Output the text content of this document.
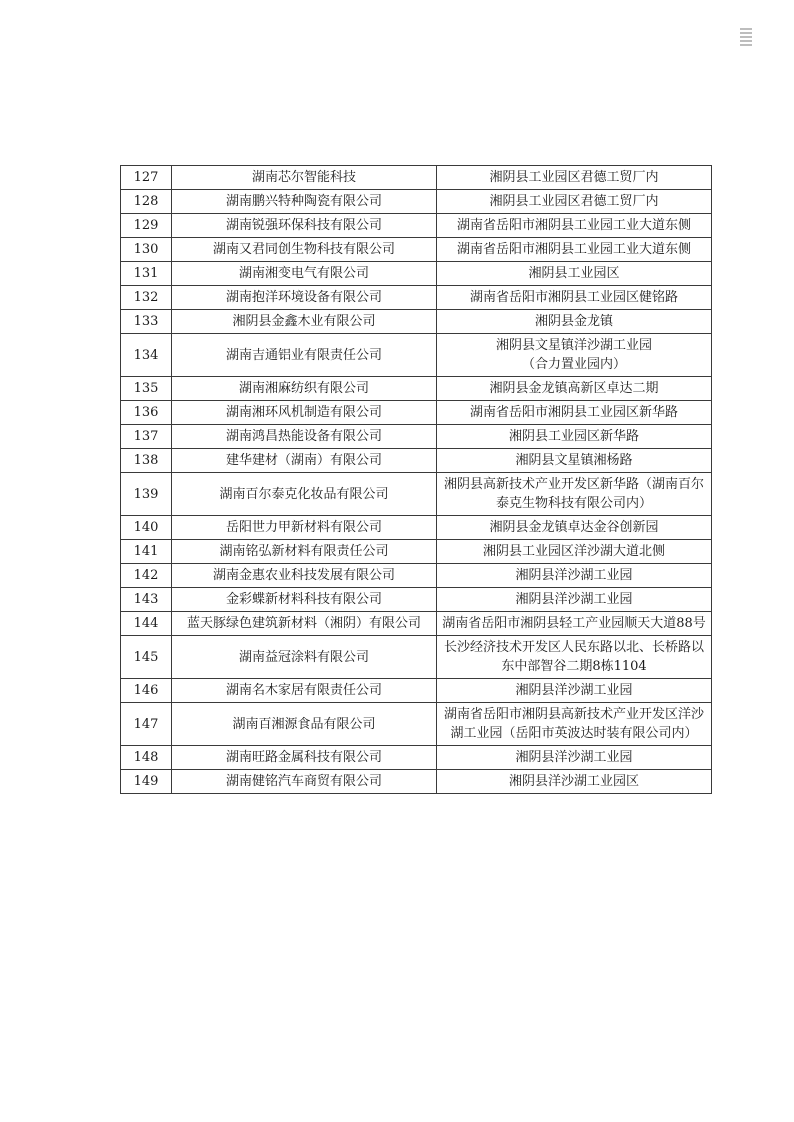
127	湖南芯尔智能科技	湘阴县工业园区君德工贸厂内
128	湖南鹏兴特种陶瓷有限公司	湘阴县工业园区君德工贸厂内
129	湖南锐强环保科技有限公司	湖南省岳阳市湘阴县工业园工业大道东侧
130	湖南又君同创生物科技有限公司	湖南省岳阳市湘阴县工业园工业大道东侧
131	湖南湘变电气有限公司	湘阴县工业园区
132	湖南抱洋环境设备有限公司	湖南省岳阳市湘阴县工业园区健铭路
133	湘阴县金鑫木业有限公司	湘阴县金龙镇
134	湖南吉通铝业有限责任公司	湘阴县文星镇洋沙湖工业园
（合力置业园内）
135	湖南湘麻纺织有限公司	湘阴县金龙镇高新区卓达二期
136	湖南湘环风机制造有限公司	湖南省岳阳市湘阴县工业园区新华路
137	湖南鸿昌热能设备有限公司	湘阴县工业园区新华路
138	建华建材（湖南）有限公司	湘阴县文星镇湘杨路
139	湖南百尔泰克化妆品有限公司	湘阴县高新技术产业开发区新华路（湖南百尔泰克生物科技有限公司内）
140	岳阳世力甲新材料有限公司	湘阴县金龙镇卓达金谷创新园
141	湖南铭弘新材料有限责任公司	湘阴县工业园区洋沙湖大道北侧
142	湖南金惠农业科技发展有限公司	湘阴县洋沙湖工业园
143	金彩蝶新材料科技有限公司	湘阴县洋沙湖工业园
144	蓝天豚绿色建筑新材料（湘阴）有限公司	湖南省岳阳市湘阴县轻工产业园顺天大道88号
145	湖南益冠涂料有限公司	长沙经济技术开发区人民东路以北、长桥路以东中部智谷二期8栋1104
146	湖南名木家居有限责任公司	湘阴县洋沙湖工业园
147	湖南百湘源食品有限公司	湖南省岳阳市湘阴县高新技术产业开发区洋沙湖工业园（岳阳市英波达时装有限公司内）
148	湖南旺路金属科技有限公司	湘阴县洋沙湖工业园
149	湖南健铭汽车商贸有限公司	湘阴县洋沙湖工业园区
